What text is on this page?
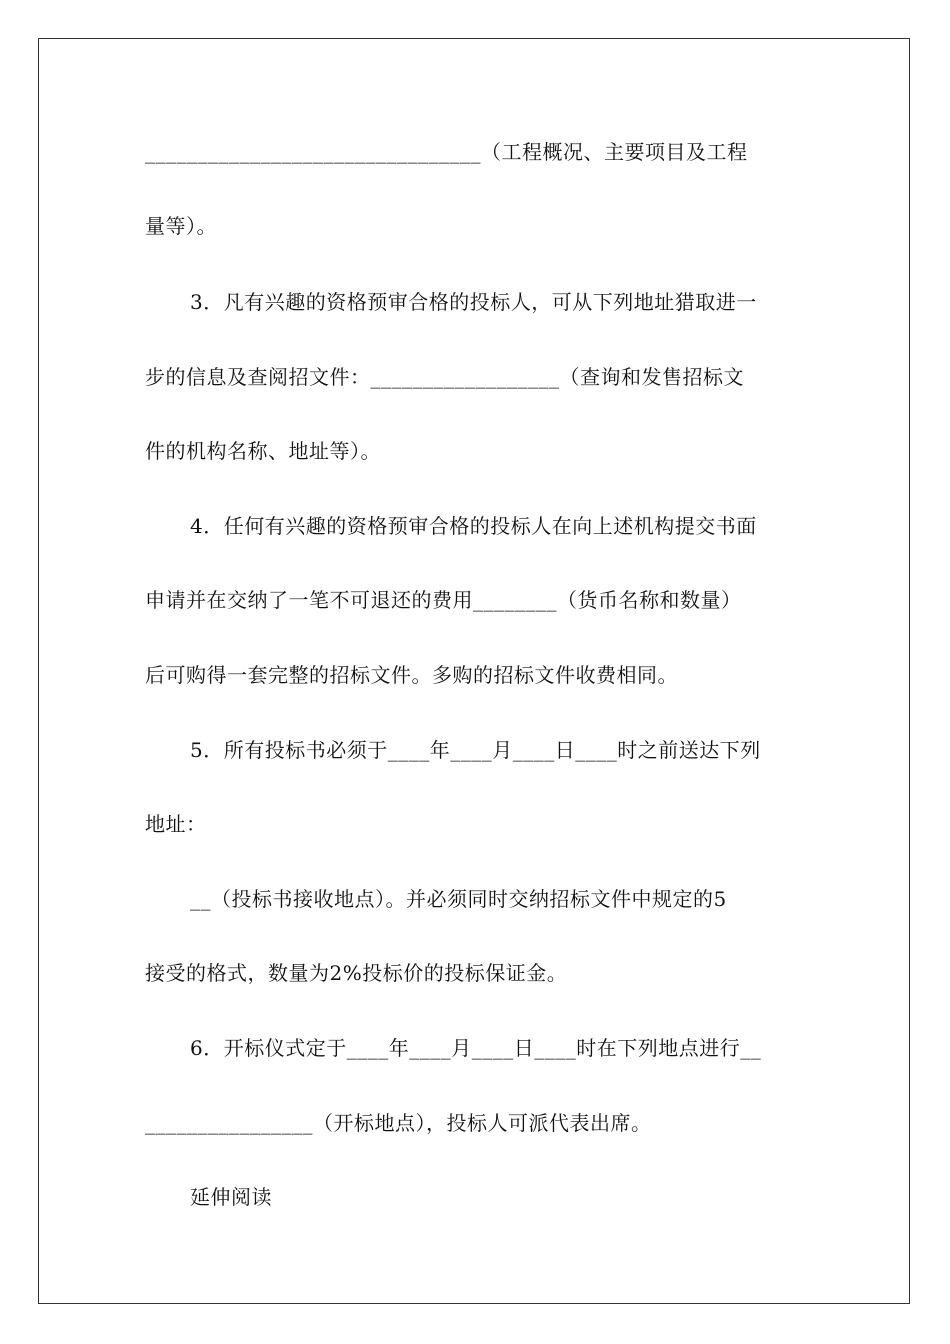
________________________________（工程概况、主要项目及工程

量等）。

3．凡有兴趣的资格预审合格的投标人，可从下列地址猎取进一

步的信息及查阅招文件：__________________（查询和发售招标文

件的机构名称、地址等）。

4．任何有兴趣的资格预审合格的投标人在向上述机构提交书面

申请并在交纳了一笔不可退还的费用________（货币名称和数量）

后可购得一套完整的招标文件。多购的招标文件收费相同。

5．所有投标书必须于____年____月____日____时之前送达下列

地址：

__（投标书接收地点）。并必须同时交纳招标文件中规定的5

接受的格式，数量为2%投标价的投标保证金。

6．开标仪式定于____年____月____日____时在下列地点进行__

________________（开标地点），投标人可派代表出席。

延伸阅读
